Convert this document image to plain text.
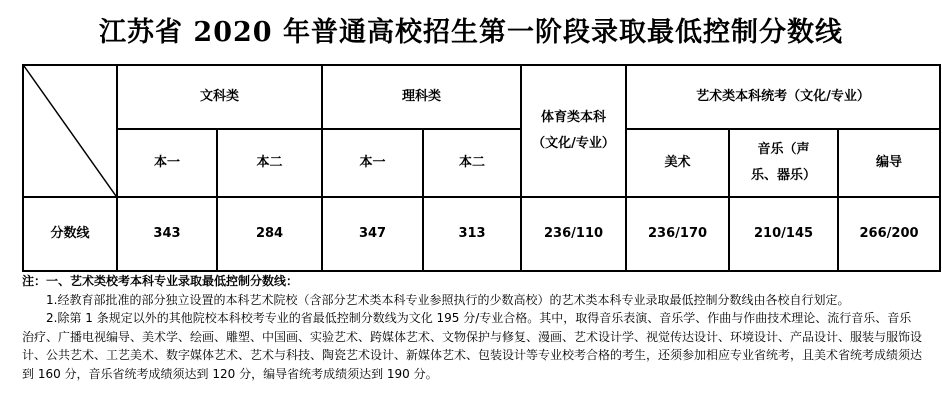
江苏省 2020 年普通高校招生第一阶段录取最低控制分数线
	文科类		理科类		体育类本科（文化/专业）	艺术类本科统考（文化/专业）		
	本一	本二	本一	本二		美术	音乐（声乐、器乐）	编导
分数线	343	284	347	313	236/110	236/170	210/145	266/200
注：一、艺术类校考本科专业录取最低控制分数线：

1.经教育部批准的部分独立设置的本科艺术院校（含部分艺术类本科专业参照执行的少数高校）的艺术类本科专业录取最低控制分数线由各校自行划定。

2.除第 1 条规定以外的其他院校本科校考专业的省最低控制分数线为文化 195 分/专业合格。其中，取得音乐表演、音乐学、作曲与作曲技术理论、流行音乐、音乐治疗、广播电视编导、美术学、绘画、雕塑、中国画、实验艺术、跨媒体艺术、文物保护与修复、漫画、艺术设计学、视觉传达设计、环境设计、产品设计、服装与服饰设计、公共艺术、工艺美术、数字媒体艺术、艺术与科技、陶瓷艺术设计、新媒体艺术、包装设计等专业校考合格的考生，还须参加相应专业省统考，且美术省统考成绩须达到 160 分，音乐省统考成绩须达到 120 分，编导省统考成绩须达到 190 分。
